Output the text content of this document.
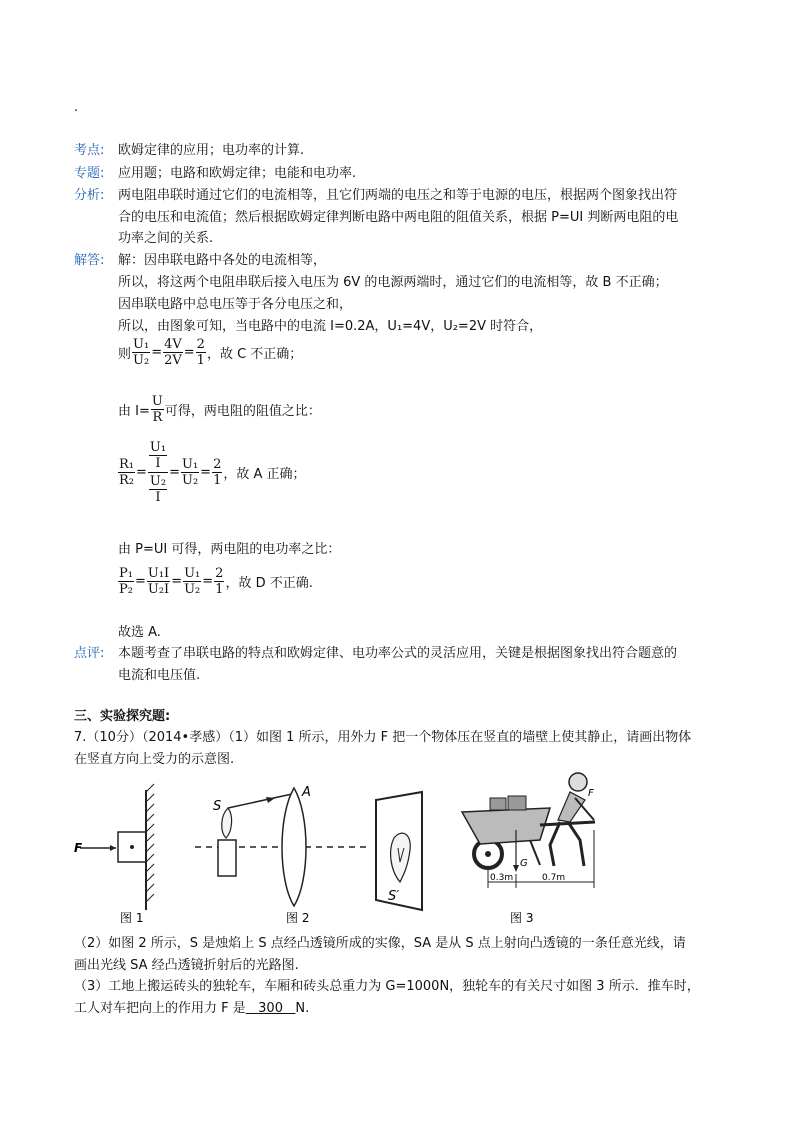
.
考点: 欧姆定律的应用；电功率的计算.
专题: 应用题；电路和欧姆定律；电能和电功率.
分析: 两电阻串联时通过它们的电流相等，且它们两端的电压之和等于电源的电压，根据两个图象找出符
合的电压和电流值；然后根据欧姆定律判断电路中两电阻的阻值关系，根据 P=UI 判断两电阻的电
功率之间的关系.
解答: 解：因串联电路中各处的电流相等，
所以，将这两个电阻串联后接入电压为 6V 的电源两端时，通过它们的电流相等，故 B 不正确；
因串联电路中总电压等于各分电压之和，
所以，由图象可知，当电路中的电流 I=0.2A，U₁=4V，U₂=2V 时符合，
则 $\frac{\text{U₁}}{\text{U₂}} = \frac{4V}{2V} = \frac{2}{1}$ ，故 C 不正确；
由 $I= \frac{U}{R}$ 可得，两电阻的阻值之比：
$\frac{\text{R₁}}{\text{R₂}} = U_1$
I
U₂
$I = \frac{\text{U₁}}{\text{U₂}} = \frac{2}{1}$ ，故 A 正确；
由 P=UI 可得，两电阻的电功率之比：
$\frac{\text{P₁}}{\text{P₂}} = \frac{\text{U₁I}}{\text{U₂I}} = \frac{\text{U₁}}{\text{U₂}} = \frac{2}{1}$ ，故 D 不正确.
故选 A.
点评: 本题考查了串联电路的特点和欧姆定律、电功率公式的灵活应用，关键是根据图象找出符合题意的
电流和电压值.
三、实验探究题:
7.（10分）（2014•孝感）（1）如图 1 所示，用外力 F 把一个物体压在竖直的墙壁上使其静止，请画出物体
在竖直方向上受力的示意图.
F
图 1
S
A
S′
图 2
F
G
0.3m	0.7m
图 3
（2）如图 2 所示，S 是烛焰上 S 点经凸透镜所成的实像，SA 是从 S 点上射向凸透镜的一条任意光线，请
画出光线 SA 经凸透镜折射后的光路图.
（3）工地上搬运砖头的独轮车，车厢和砖头总重力为 G=1000N，独轮车的有关尺寸如图 3 所示．推车时，
工人对车把向上的作用力 F 是 300 N.
